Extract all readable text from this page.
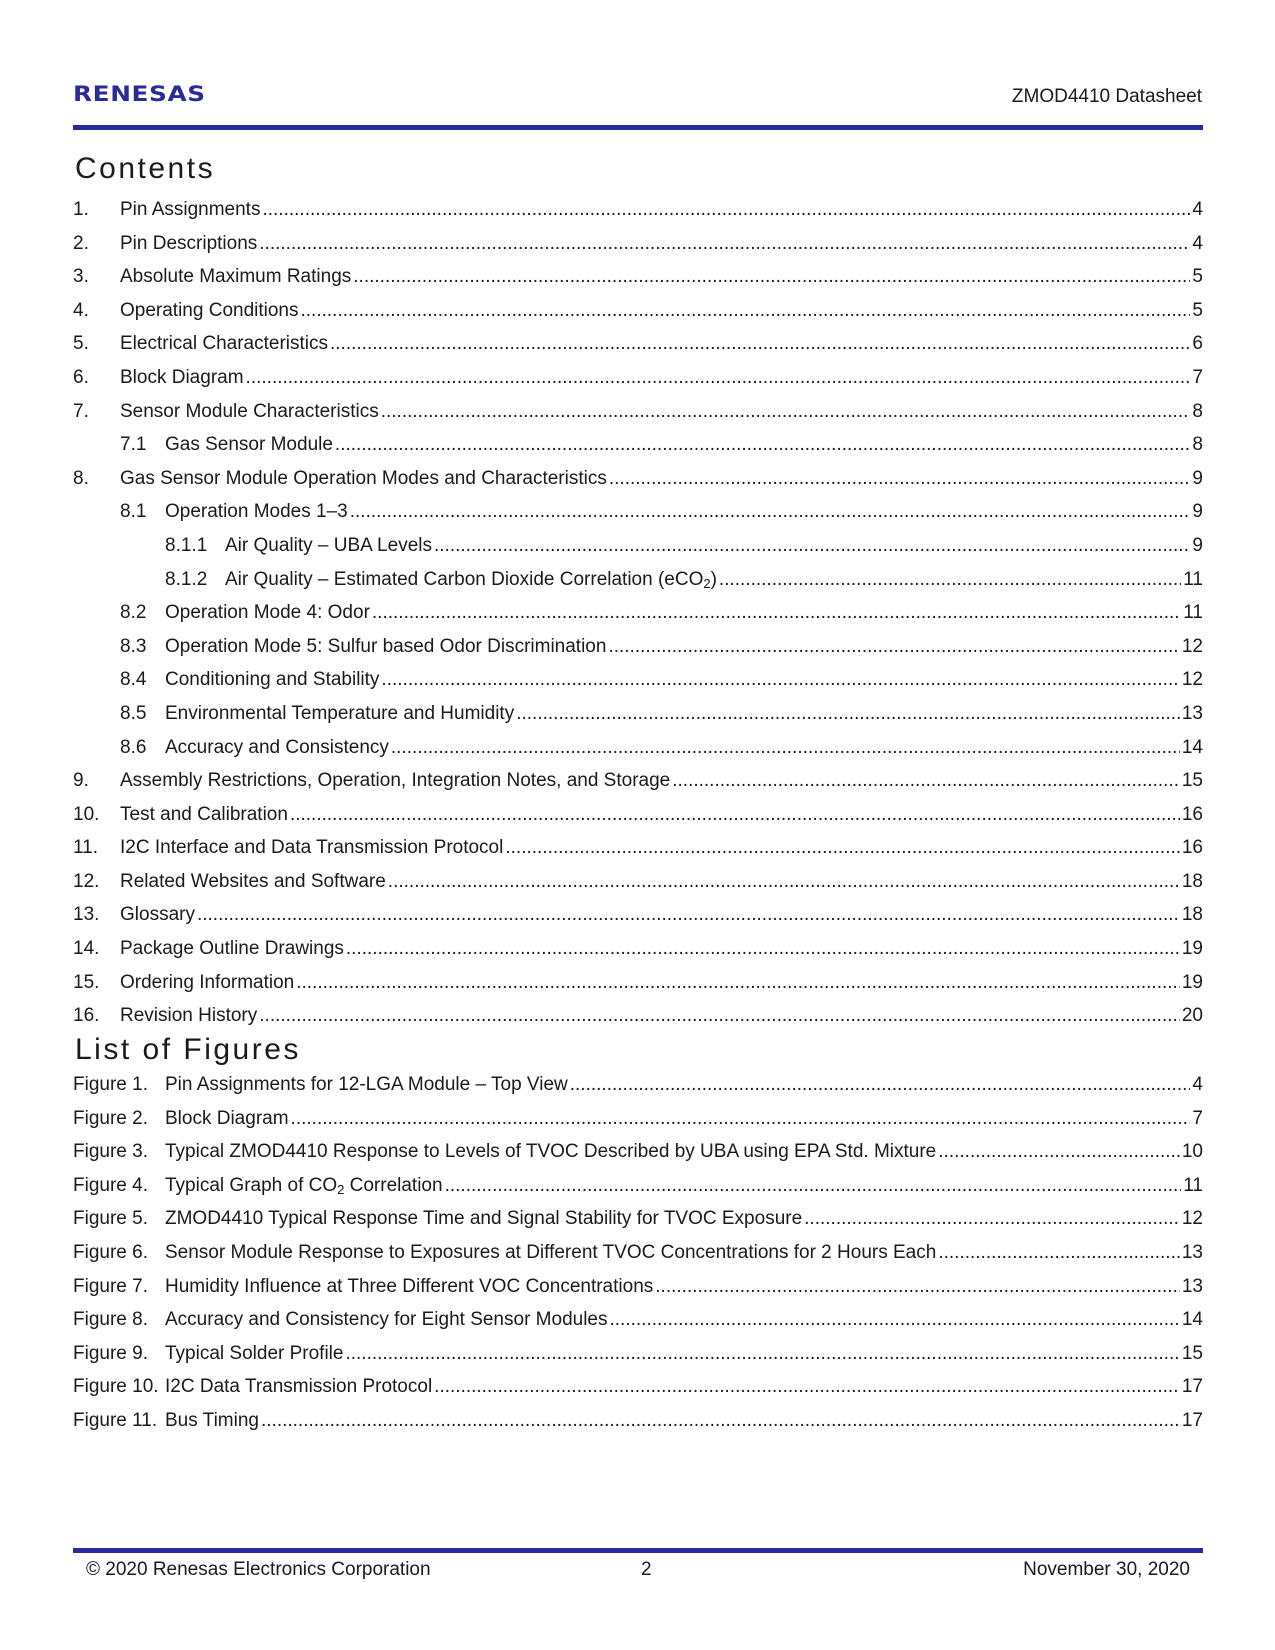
RENESAS	ZMOD4410 Datasheet
Contents
1.	Pin Assignments .....	4
2.	Pin Descriptions .....	4
3.	Absolute Maximum Ratings .....	5
4.	Operating Conditions .....	5
5.	Electrical Characteristics .....	6
6.	Block Diagram .....	7
7.	Sensor Module Characteristics .....	8
7.1 Gas Sensor Module .....	8
8.	Gas Sensor Module Operation Modes and Characteristics .....	9
8.1 Operation Modes 1–3 .....	9
8.1.1 Air Quality – UBA Levels .....	9
8.1.2 Air Quality – Estimated Carbon Dioxide Correlation (eCO$_2$) .....	11
8.2 Operation Mode 4: Odor .....	11
8.3 Operation Mode 5: Sulfur based Odor Discrimination .....	12
8.4 Conditioning and Stability .....	12
8.5 Environmental Temperature and Humidity .....	13
8.6 Accuracy and Consistency .....	14
9.	Assembly Restrictions, Operation, Integration Notes, and Storage .....	15
10.	Test and Calibration .....	16
11.	I2C Interface and Data Transmission Protocol .....	16
12.	Related Websites and Software .....	18
13.	Glossary .....	18
14.	Package Outline Drawings .....	19
15.	Ordering Information .....	19
16.	Revision History .....	20
List of Figures
Figure 1. Pin Assignments for 12-LGA Module – Top View .....	4
Figure 2. Block Diagram .....	7
Figure 3. Typical ZMOD4410 Response to Levels of TVOC Described by UBA using EPA Std. Mixture .....	10
Figure 4. Typical Graph of $CO_2$ Correlation .....	11
Figure 5. ZMOD4410 Typical Response Time and Signal Stability for TVOC Exposure .....	12
Figure 6. Sensor Module Response to Exposures at Different TVOC Concentrations for 2 Hours Each .....	13
Figure 7. Humidity Influence at Three Different VOC Concentrations .....	13
Figure 8. Accuracy and Consistency for Eight Sensor Modules .....	14
Figure 9. Typical Solder Profile .....	15
Figure 10. I2C Data Transmission Protocol .....	17
Figure 11. Bus Timing .....	17
© 2020 Renesas Electronics Corporation	2	November 30, 2020
